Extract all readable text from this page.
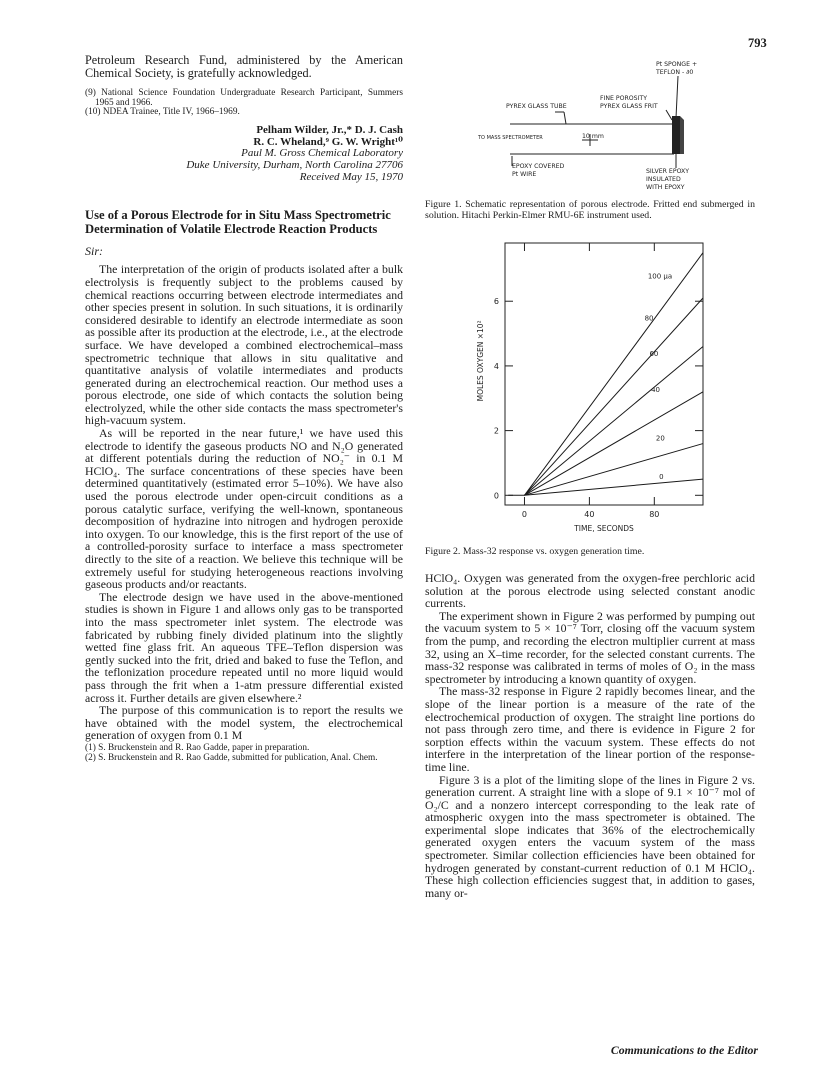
793

Petroleum Research Fund, administered by the American Chemical Society, is gratefully acknowledged.

(9) National Science Foundation Undergraduate Research Participant, Summers 1965 and 1966.

(10) NDEA Trainee, Title IV, 1966–1969.

Pelham Wilder, Jr.,* D. J. Cash

R. C. Wheland,⁹ G. W. Wright¹⁰

Paul M. Gross Chemical Laboratory

Duke University, Durham, North Carolina 27706

Received May 15, 1970

Use of a Porous Electrode for in Situ Mass Spectrometric Determination of Volatile Electrode Reaction Products

Sir:

The interpretation of the origin of products isolated after a bulk electrolysis is frequently subject to the problems caused by chemical reactions occurring between electrode intermediates and other species present in solution. In such situations, it is ordinarily considered desirable to identify an electrode intermediate as soon as possible after its production at the electrode, i.e., at the electrode surface. We have developed a combined electrochemical–mass spectrometric technique that allows in situ qualitative and quantitative analysis of volatile intermediates and products generated during an electrochemical reaction. Our method uses a porous electrode, one side of which contacts the solution being electrolyzed, while the other side contacts the mass spectrometer's high-vacuum system.

As will be reported in the near future,¹ we have used this electrode to identify the gaseous products NO and N₂O generated at different potentials during the reduction of NO₂⁻ in 0.1 M HClO₄. The surface concentrations of these species have been determined quantitatively (estimated error 5–10%). We have also used the porous electrode under open-circuit conditions as a porous catalytic surface, verifying the well-known, spontaneous decomposition of hydrazine into nitrogen and hydrogen peroxide into oxygen. To our knowledge, this is the first report of the use of a controlled-porosity surface to interface a mass spectrometer directly to the site of a reaction. We believe this technique will be extremely useful for studying heterogeneous reactions involving gaseous products and/or reactants.

The electrode design we have used in the above-mentioned studies is shown in Figure 1 and allows only gas to be transported into the mass spectrometer inlet system. The electrode was fabricated by rubbing finely divided platinum into the slightly wetted fine glass frit. An aqueous TFE–Teflon dispersion was gently sucked into the frit, dried and baked to fuse the Teflon, and the teflonization procedure repeated until no more liquid would pass through the frit when a 1-atm pressure differential existed across it. Further details are given elsewhere.²

The purpose of this communication is to report the results we have obtained with the model system, the electrochemical generation of oxygen from 0.1 M

(1) S. Bruckenstein and R. Rao Gadde, paper in preparation.

(2) S. Bruckenstein and R. Rao Gadde, submitted for publication, Anal. Chem.

Pt SPONGE +
TEFLON - ∂0
FINE POROSITY
PYREX GLASS FRIT
PYREX GLASS TUBE
TO MASS SPECTROMETER	10 mm
EPOXY COVERED
Pt WIRE	SILVER EPOXY
INSULATED
WITH EPOXY

Figure 1. Schematic representation of porous electrode. Fritted end submerged in solution. Hitachi Perkin-Elmer RMU-6E instrument used.

0	40	80
0
2
4
6
TIME, SECONDS
MOLES OXYGEN ×10²
100 µa
80
60
40
20
0

Figure 2. Mass-32 response vs. oxygen generation time.

HClO₄. Oxygen was generated from the oxygen-free perchloric acid solution at the porous electrode using selected constant anodic currents.

The experiment shown in Figure 2 was performed by pumping out the vacuum system to 5 × 10⁻⁷ Torr, closing off the vacuum system from the pump, and recording the electron multiplier current at mass 32, using an X–time recorder, for the selected constant currents. The mass-32 response was calibrated in terms of moles of O₂ in the mass spectrometer by introducing a known quantity of oxygen.

The mass-32 response in Figure 2 rapidly becomes linear, and the slope of the linear portion is a measure of the rate of the electrochemical production of oxygen. The straight line portions do not pass through zero time, and there is evidence in Figure 2 for sorption effects within the vacuum system. These effects do not interfere in the interpretation of the linear portion of the response-time line.

Figure 3 is a plot of the limiting slope of the lines in Figure 2 vs. generation current. A straight line with a slope of 9.1 × 10⁻⁷ mol of O₂/C and a nonzero intercept corresponding to the leak rate of atmospheric oxygen into the mass spectrometer is obtained. The experimental slope indicates that 36% of the electrochemically generated oxygen enters the vacuum system of the mass spectrometer. Similar collection efficiencies have been obtained for hydrogen generated by constant-current reduction of 0.1 M HClO₄. These high collection efficiencies suggest that, in addition to gases, many or-

Communications to the Editor
